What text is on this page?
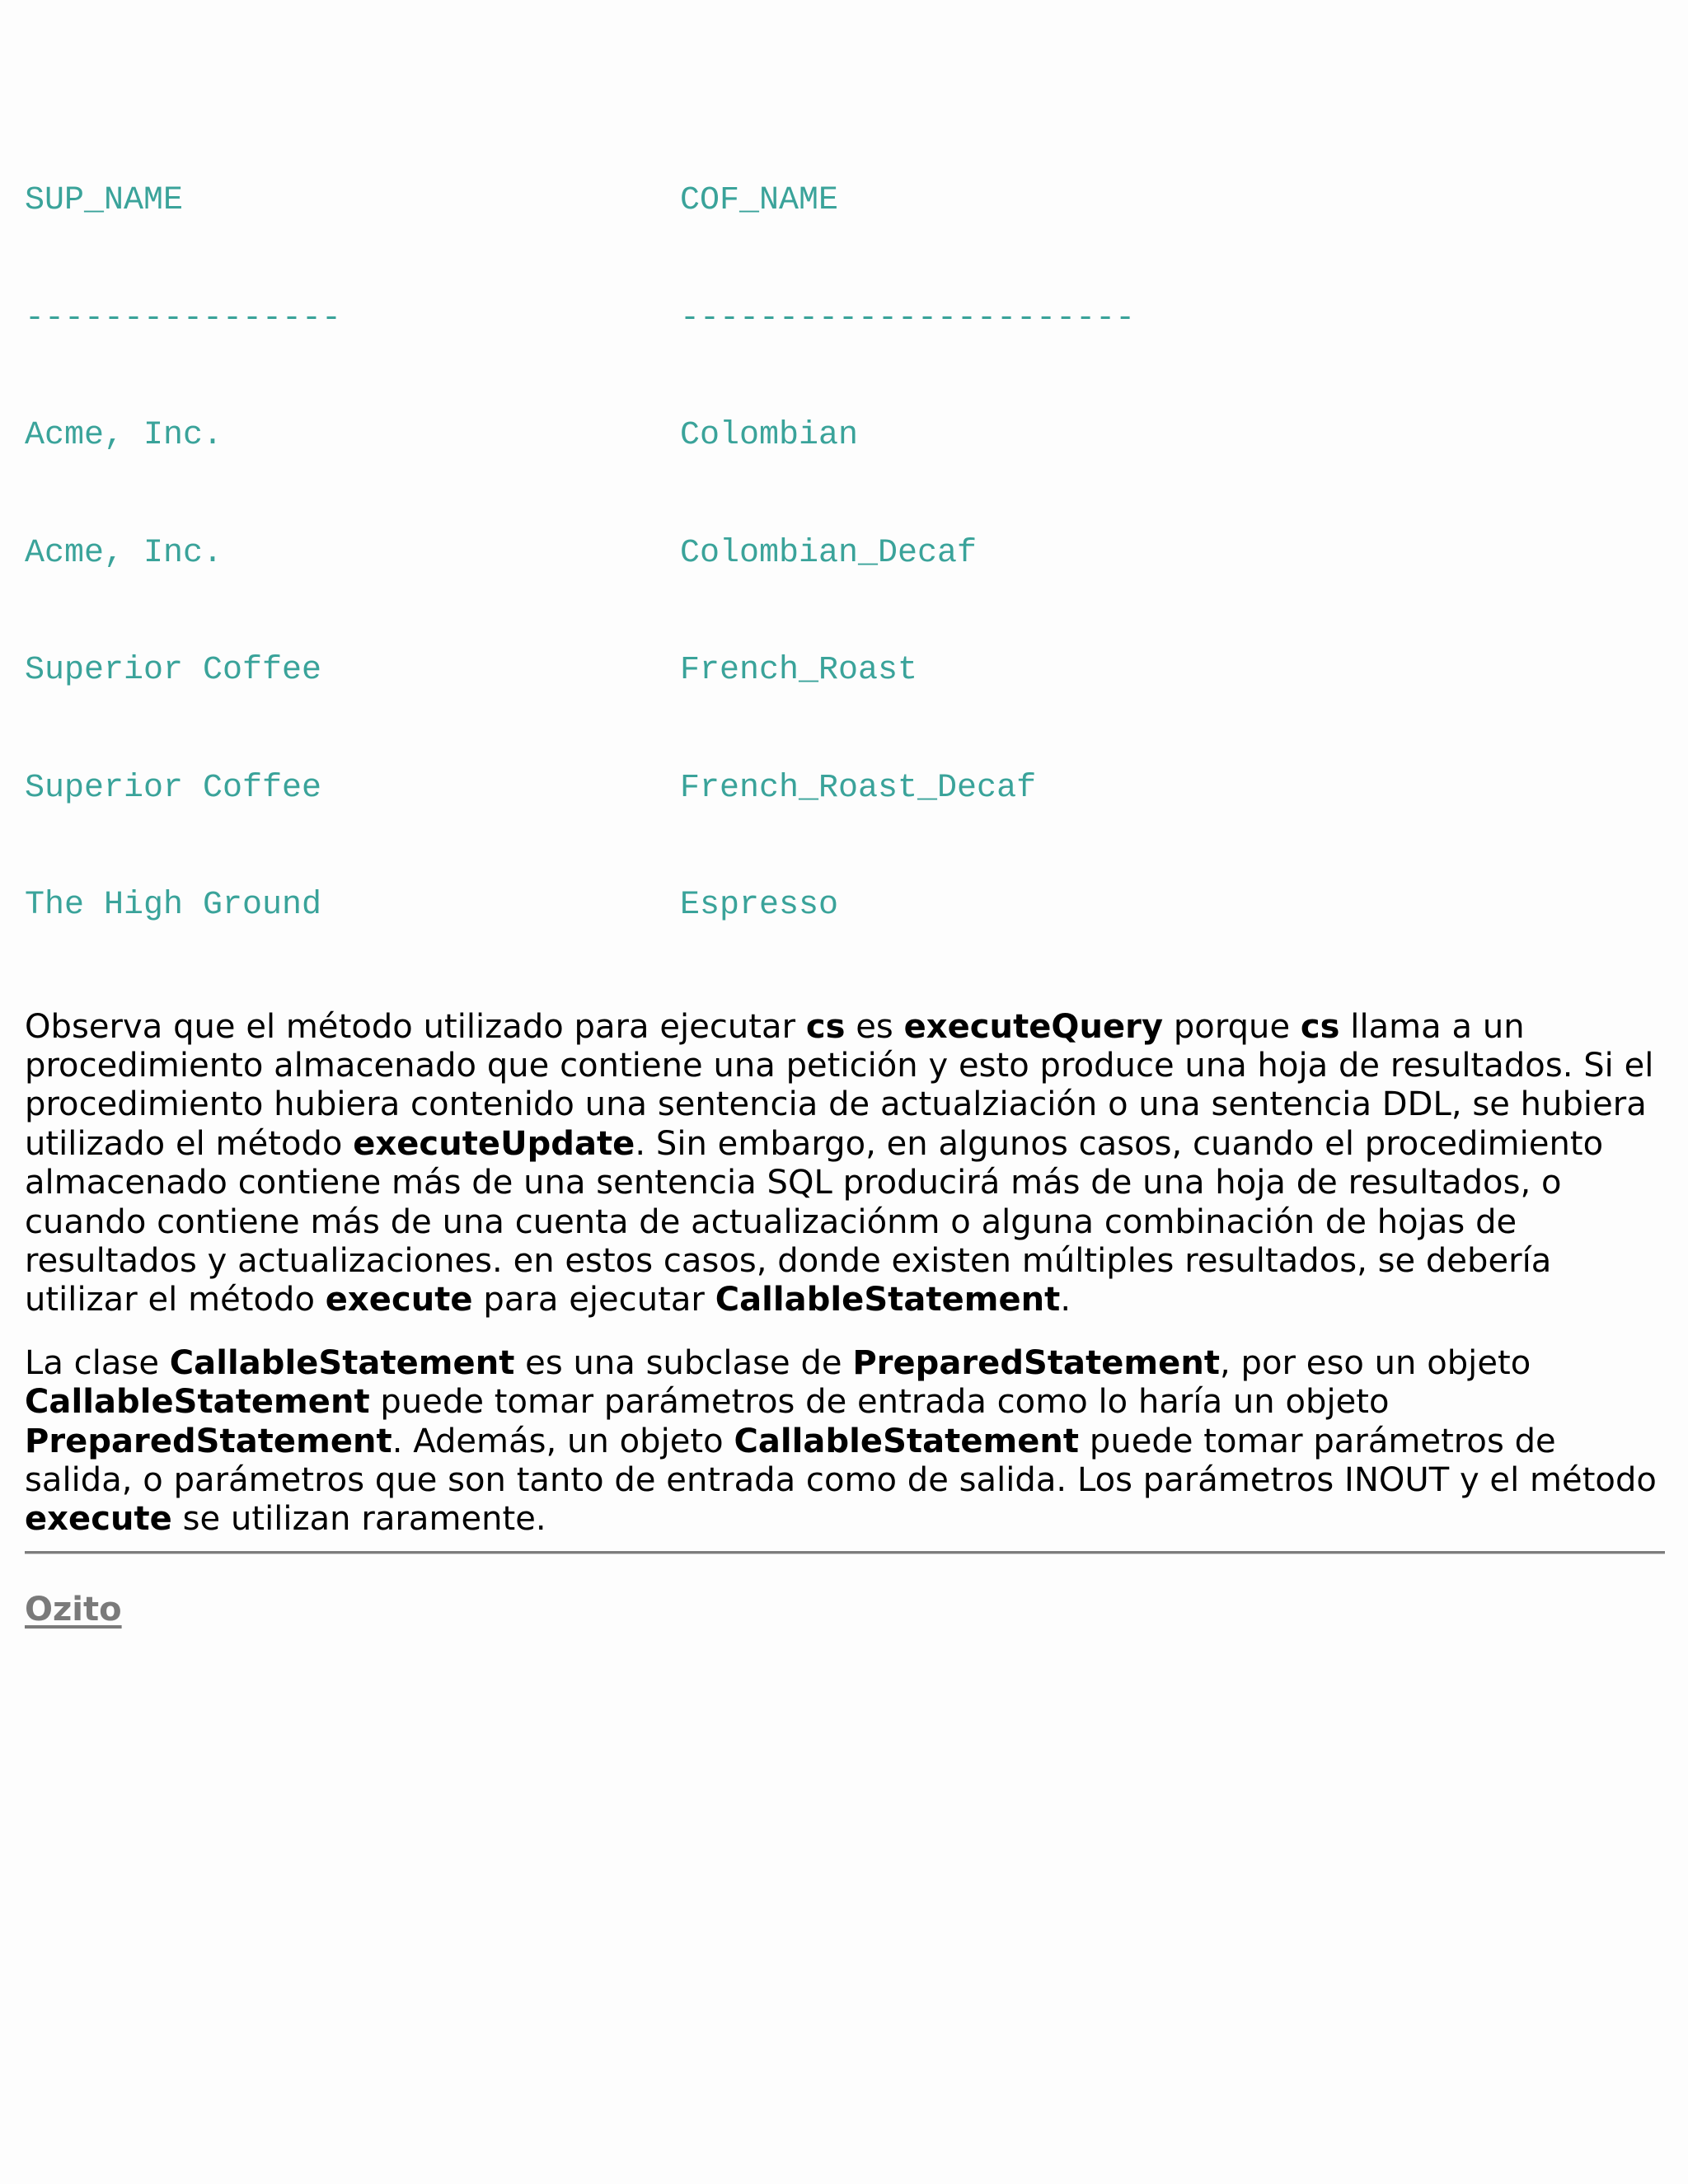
SUP_NAME	COF_NAME

----------------	-----------------------

Acme, Inc.	Colombian

Acme, Inc.	Colombian_Decaf

Superior Coffee	French_Roast

Superior Coffee	French_Roast_Decaf

The High Ground	Espresso

Observa que el método utilizado para ejecutar cs es executeQuery porque cs llama a un procedimiento almacenado que contiene una petición y esto produce una hoja de resultados. Si el procedimiento hubiera contenido una sentencia de actualziación o una sentencia DDL, se hubiera utilizado el método executeUpdate. Sin embargo, en algunos casos, cuando el procedimiento almacenado contiene más de una sentencia SQL producirá más de una hoja de resultados, o cuando contiene más de una cuenta de actualizaciónm o alguna combinación de hojas de resultados y actualizaciones. en estos casos, donde existen múltiples resultados, se debería utilizar el método execute para ejecutar CallableStatement.

La clase CallableStatement es una subclase de PreparedStatement, por eso un objeto CallableStatement puede tomar parámetros de entrada como lo haría un objeto PreparedStatement. Además, un objeto CallableStatement puede tomar parámetros de salida, o parámetros que son tanto de entrada como de salida. Los parámetros INOUT y el método execute se utilizan raramente.

Ozito
